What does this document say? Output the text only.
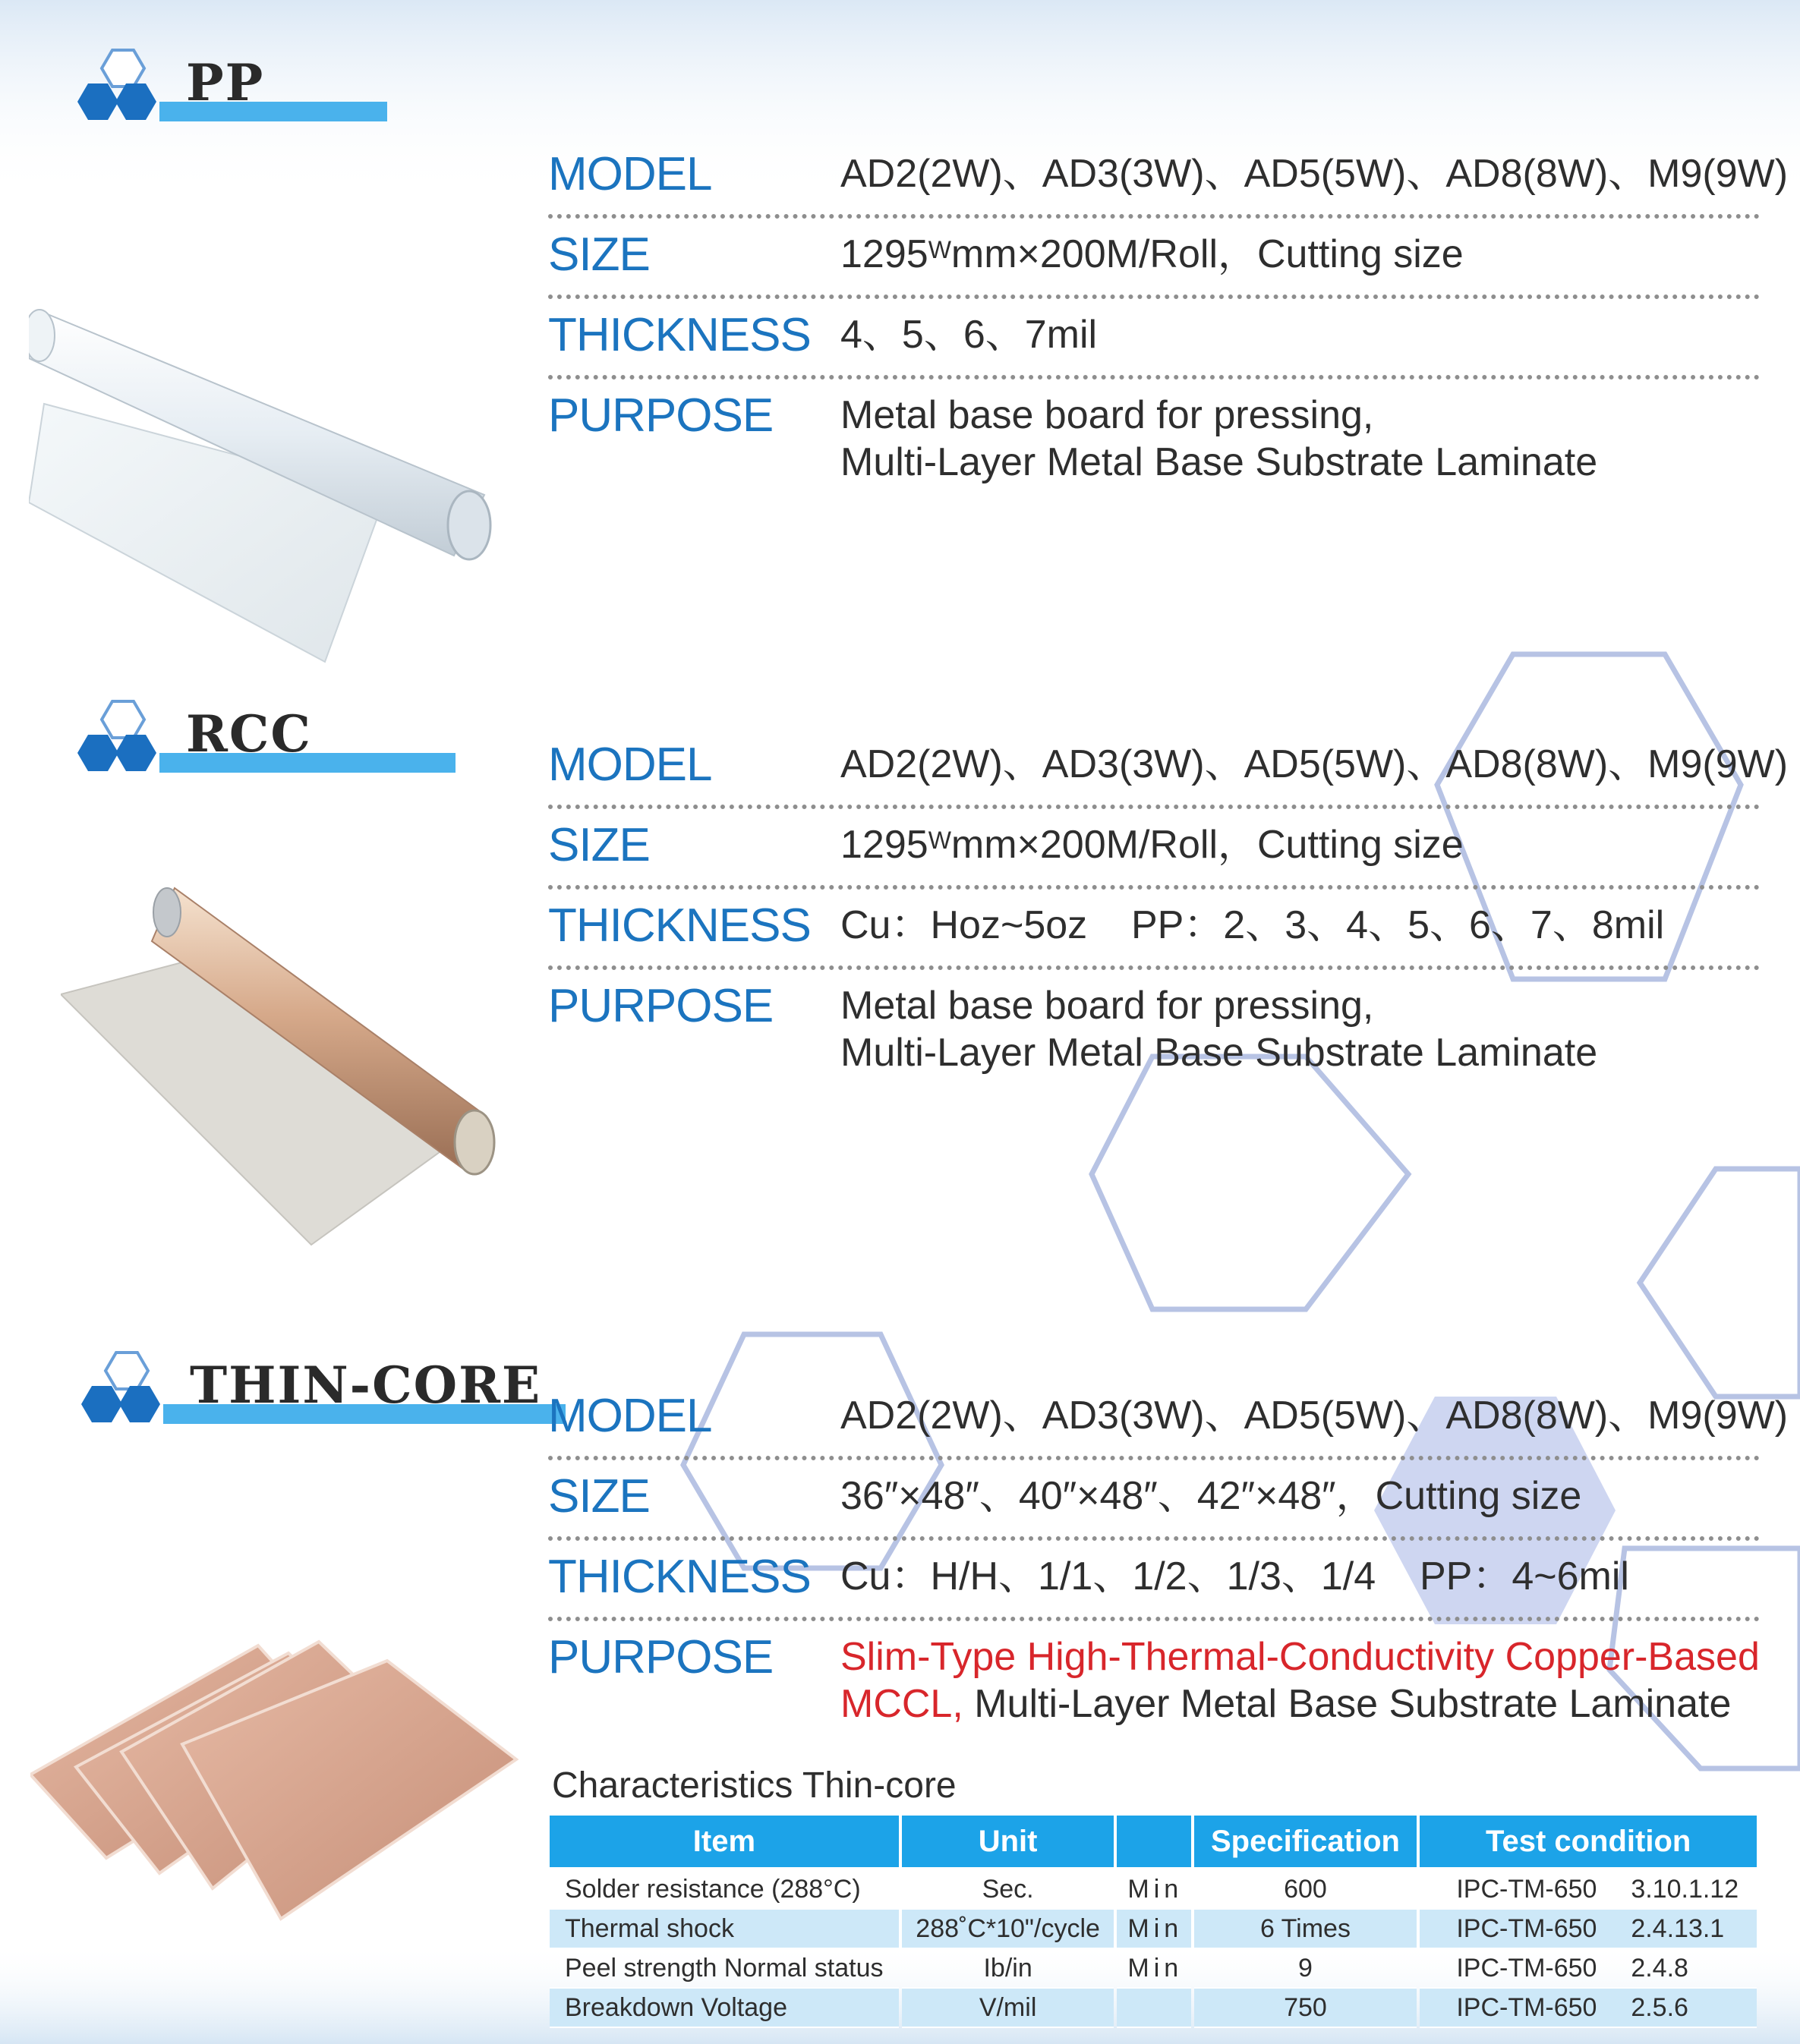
PP
MODEL	AD2(2W)、AD3(3W)、AD5(5W)、AD8(8W)、M9(9W)
SIZE	$1295^Wmm\times 200M$/Roll，Cutting size
THICKNESS 4、5、6、7mil
PURPOSE Metal base board for pressing,
Multi-Layer Metal Base Substrate Laminate
RCC
MODEL	AD2(2W)、AD3(3W)、AD5(5W)、AD8(8W)、M9(9W)
SIZE	$1295^Wmm\times 200M$/Roll，Cutting size
THICKNESS Cu：Hoz~5oz    PP：2、3、4、5、6、7、8mil
PURPOSE Metal base board for pressing,
Multi-Layer Metal Base Substrate Laminate
THIN-CORE
MODEL	AD2(2W)、AD3(3W)、AD5(5W)、AD8(8W)、M9(9W)
SIZE	36″×48″、40″×48″、42″×48″，Cutting size
THICKNESS Cu：H/H、1/1、1/2、1/3、1/4    PP：4~6mil
PURPOSE Slim-Type High-Thermal-Conductivity Copper-Based
MCCL, Multi-Layer Metal Base Substrate Laminate
Characteristics Thin-core
Item	Unit		Specification	Test condition
Solder resistance (288°C)	Sec.	Min	600	IPC-TM-650 3.10.1.12
Thermal shock	288˚C*10"/cycle	Min	6 Times	IPC-TM-650 2.4.13.1
Peel strength Normal status	Ib/in	Min	9	IPC-TM-650 2.4.8
Breakdown Voltage	V/mil		750	IPC-TM-650 2.5.6
